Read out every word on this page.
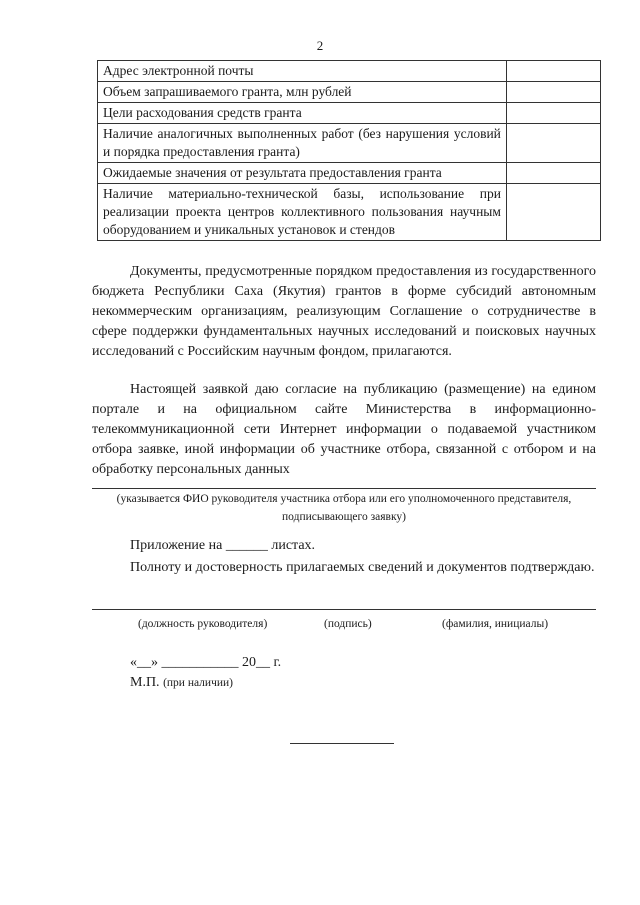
2
Адрес электронной почты	
Объем запрашиваемого гранта, млн рублей	
Цели расходования средств гранта	
Наличие аналогичных выполненных работ (без нарушения условий и порядка предоставления гранта)	
Ожидаемые значения от результата предоставления гранта	
Наличие материально-технической базы, использование при реализации проекта центров коллективного пользования научным оборудованием и уникальных установок и стендов	

Документы, предусмотренные порядком предоставления из государственного бюджета Республики Саха (Якутия) грантов в форме субсидий автономным некоммерческим организациям, реализующим Соглашение о сотрудничестве в сфере поддержки фундаментальных научных исследований и поисковых научных исследований с Российским научным фондом, прилагаются.

Настоящей заявкой даю согласие на публикацию (размещение) на едином портале и на официальном сайте Министерства в информационно-телекоммуникационной сети Интернет информации о подаваемой участником отбора заявке, иной информации об участнике отбора, связанной с отбором и на обработку персональных данных

(указывается ФИО руководителя участника отбора или его уполномоченного представителя, подписывающего заявку)
Приложение на ______ листах.

Полноту и достоверность прилагаемых сведений и документов подтверждаю.

(должность руководителя)	(подпись)	(фамилия, инициалы)
«__» ___________ 20__ г.
М.П. (при наличии)
